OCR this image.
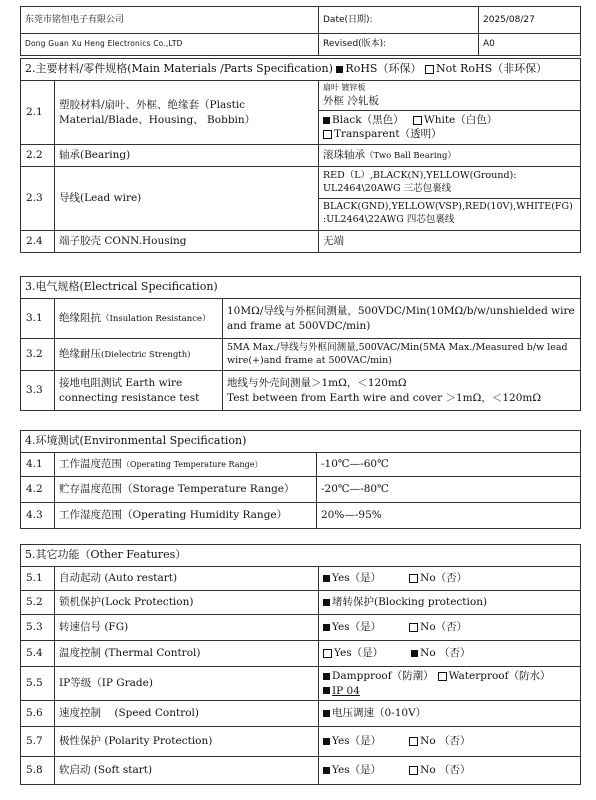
东莞市铭恒电子有限公司	Date(日期):	2025/08/27
Dong Guan Xu Heng Electronics Co.,LTD	Revised(版本):	A0
2.主要材料/零件规格(Main Materials /Parts Specification) RoHS（环保） Not RoHS（非环保）		
2.1	塑胶材料/扇叶、外框、绝缘套（Plastic Material/Blade、Housing、 Bobbin）	扇叶 镀锌板
外框 冷轧板
Black（黑色） White（白色）
Transparent（透明）

2.2	轴承(Bearing)	滚珠轴承（Two Ball Bearing）
2.3	导线(Lead wire)	RED（L）,BLACK(N),YELLOW(Ground):
UL2464\20AWG 三芯包裹线
BLACK(GND),YELLOW(VSP),RED(10V),WHITE(FG)
:UL2464\22AWG 四芯包裹线

2.4	端子胶壳 CONN.Housing	无端
3.电气规格(Electrical Specification)		
3.1	绝缘阻抗（Insulation Resistance）	10MΩ/导线与外框间测量，500VDC/Min(10MΩ/b/w/unshielded wire and frame at 500VDC/min)
3.2	绝缘耐压(Dielectric Strength)	5MA Max./导线与外框间测量,500VAC/Min(5MA Max./Measured b/w lead wire(+)and frame at 500VAC/min)
3.3	接地电阻测试 Earth wire connecting resistance test	地线与外壳间测量＞1mΩ，＜120mΩ
Test between from Earth wire and cover ＞1mΩ，＜120mΩ
4.环境测试(Environmental Specification)		
4.1	工作温度范围（Operating Temperature Range）	-10℃—-60℃
4.2	贮存温度范围（Storage Temperature Range）	-20℃—-80℃
4.3	工作湿度范围（Operating Humidity Range）	20%—-95%
5.其它功能（Other Features）		
5.1	自动起动 (Auto restart)	Yes（是） No（否）
5.2	锁机保护(Lock Protection)	堵转保护(Blocking protection)
5.3	转速信号 (FG)	Yes（是） No（否）
5.4	温度控制 (Thermal Control)	Yes（是） No （否）
5.5	IP等级（IP Grade)	Dampproof（防潮） Waterproof（防水）
IP 04

5.6	速度控制 (Speed Control)	电压调速（0-10V）
5.7	极性保护 (Polarity Protection)	Yes（是） No （否）
5.8	软启动 (Soft start)	Yes（是） No （否）
